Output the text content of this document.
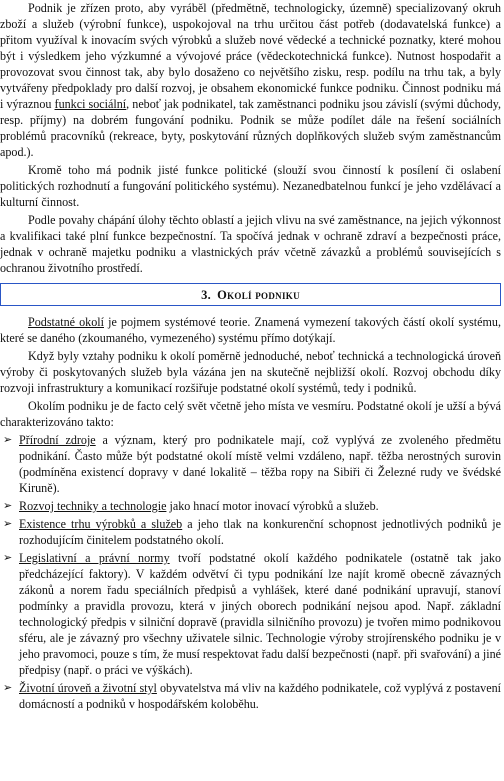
Podnik je zřízen proto, aby vyráběl (předmětně, technologicky, územně) specializovaný okruh zboží a služeb (výrobní funkce), uspokojoval na trhu určitou část potřeb (dodavatelská funkce) a přitom využíval k inovacím svých výrobků a služeb nové vědecké a technické poznatky, které mohou být i výsledkem jeho výzkumné a vývojové práce (vědeckotechnická funkce). Nutnost hospodařit a provozovat svou činnost tak, aby bylo dosaženo co největšího zisku, resp. podílu na trhu tak, a byly vytvářeny předpoklady pro další rozvoj, je obsahem ekonomické funkce podniku. Činnost podniku má i výraznou funkci sociální, neboť jak podnikatel, tak zaměstnanci podniku jsou závislí (svými důchody, resp. příjmy) na dobrém fungování podniku. Podnik se může podílet dále na řešení sociálních problémů pracovníků (rekreace, byty, poskytování různých doplňkových služeb svým zaměstnancům apod.).

Kromě toho má podnik jisté funkce politické (slouží svou činností k posílení či oslabení politických rozhodnutí a fungování politického systému). Nezanedbatelnou funkcí je jeho vzdělávací a kulturní činnost.

Podle povahy chápání úlohy těchto oblastí a jejich vlivu na své zaměstnance, na jejich výkonnost a kvalifikaci také plní funkce bezpečnostní. Ta spočívá jednak v ochraně zdraví a bezpečnosti práce, jednak v ochraně majetku podniku a vlastnických práv včetně závazků a problémů souvisejících s ochranou životního prostředí.

3. Okolí podniku

Podstatné okolí je pojmem systémové teorie. Znamená vymezení takových částí okolí systému, které se daného (zkoumaného, vymezeného) systému přímo dotýkají.

Když byly vztahy podniku k okolí poměrně jednoduché, neboť technická a technologická úroveň výroby či poskytovaných služeb byla vázána jen na skutečně nejbližší okolí. Rozvoj obchodu díky rozvoji infrastruktury a komunikací rozšiřuje podstatné okolí systémů, tedy i podniků.

Okolím podniku je de facto celý svět včetně jeho místa ve vesmíru. Podstatné okolí je užší a bývá charakterizováno takto:

➢ Přírodní zdroje a význam, který pro podnikatele mají, což vyplývá ze zvoleného předmětu podnikání. Často může být podstatné okolí místě velmi vzdáleno, např. těžba nerostných surovin (podmíněna existencí dopravy v dané lokalitě – těžba ropy na Sibiři či Železné rudy ve švédské Kiruně).
➢ Rozvoj techniky a technologie jako hnací motor inovací výrobků a služeb.
➢ Existence trhu výrobků a služeb a jeho tlak na konkurenční schopnost jednotlivých podniků je rozhodujícím činitelem podstatného okolí.
➢ Legislativní a právní normy tvoří podstatné okolí každého podnikatele (ostatně tak jako předcházející faktory). V každém odvětví či typu podnikání lze najít kromě obecně závazných zákonů a norem řadu speciálních předpisů a vyhlášek, které dané podnikání upravují, stanoví podmínky a pravidla provozu, která v jiných oborech podnikání nejsou apod. Např. základní technologický předpis v silniční dopravě (pravidla silničního provozu) je tvořen mimo podnikovou sféru, ale je závazný pro všechny uživatele silnic. Technologie výroby strojírenského podniku je v jeho pravomoci, pouze s tím, že musí respektovat řadu další bezpečnosti (např. při svařování) a jiné předpisy (např. o práci ve výškách).
➢ Životní úroveň a životní styl obyvatelstva má vliv na každého podnikatele, což vyplývá z postavení domácností a podniků v hospodářském koloběhu.
